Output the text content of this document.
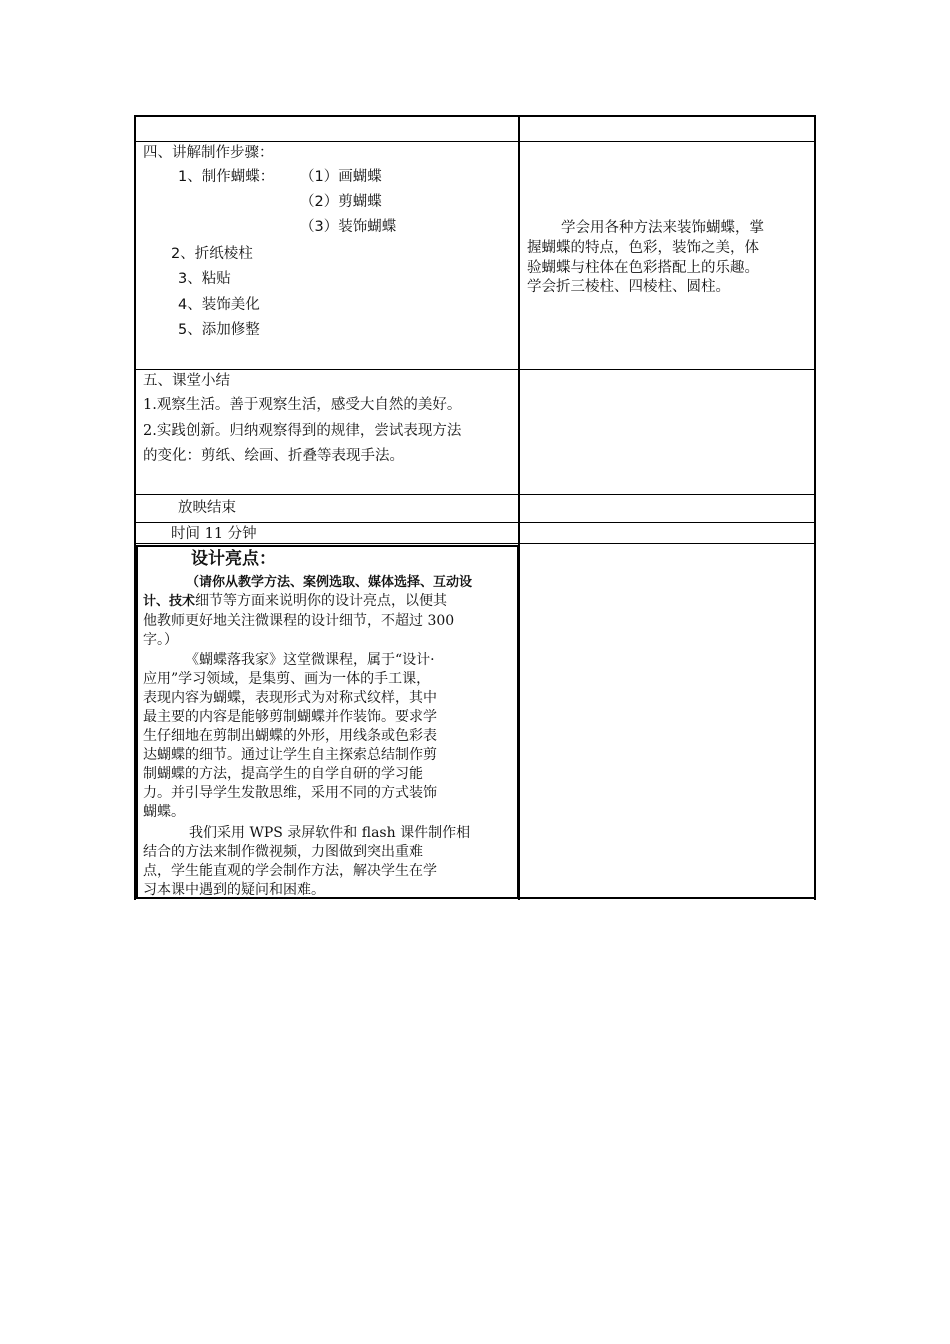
四、讲解制作步骤：
1、制作蝴蝶： （1）画蝴蝶
（2）剪蝴蝶
（3）装饰蝴蝶
2、折纸棱柱
3、粘贴
4、装饰美化
5、添加修整
学会用各种方法来装饰蝴蝶，掌
握蝴蝶的特点，色彩，装饰之美，体
验蝴蝶与柱体在色彩搭配上的乐趣。
学会折三棱柱、四棱柱、圆柱。
五、课堂小结
1.观察生活。善于观察生活，感受大自然的美好。
2.实践创新。归纳观察得到的规律，尝试表现方法
的变化：剪纸、绘画、折叠等表现手法。
放映结束
时间 11 分钟
设计亮点：
（请你从教学方法、案例选取、媒体选择、互动设
计、技术细节等方面来说明你的设计亮点，以便其
他教师更好地关注微课程的设计细节，不超过 300
字。）
《蝴蝶落我家》这堂微课程，属于“设计·
应用”学习领域，是集剪、画为一体的手工课，
表现内容为蝴蝶，表现形式为对称式纹样，其中
最主要的内容是能够剪制蝴蝶并作装饰。要求学
生仔细地在剪制出蝴蝶的外形，用线条或色彩表
达蝴蝶的细节。通过让学生自主探索总结制作剪
制蝴蝶的方法，提高学生的自学自研的学习能
力。并引导学生发散思维，采用不同的方式装饰
蝴蝶。
我们采用 WPS 录屏软件和 flash 课件制作相
结合的方法来制作微视频，力图做到突出重难
点，学生能直观的学会制作方法，解决学生在学
习本课中遇到的疑问和困难。
